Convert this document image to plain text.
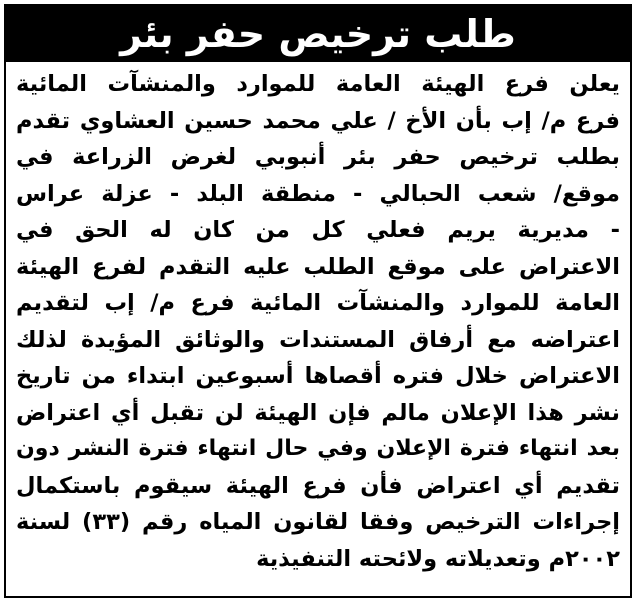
طلب ترخيص حفر بئر
يعلن فرع الهيئة العامة للموارد والمنشآت المائية
فرع م/ إب بأن الأخ / علي محمد حسين العشاوي تقدم
بطلب ترخيص حفر بئر أنبوبي لغرض الزراعة في
موقع/ شعب الحبالي - منطقة البلد - عزلة عراس
- مديرية يريم فعلي كل من كان له الحق في
الاعتراض على موقع الطلب عليه التقدم لفرع الهيئة
العامة للموارد والمنشآت المائية فرع م/ إب لتقديم
اعتراضه مع أرفاق المستندات والوثائق المؤيدة لذلك
الاعتراض خلال فتره أقصاها أسبوعين ابتداء من تاريخ
نشر هذا الإعلان مالم فإن الهيئة لن تقبل أي اعتراض
بعد انتهاء فترة الإعلان وفي حال انتهاء فترة النشر دون
تقديم أي اعتراض فأن فرع الهيئة سيقوم باستكمال
إجراءات الترخيص وفقا لقانون المياه رقم (٣٣) لسنة
٢٠٠٢م وتعديلاته ولائحته التنفيذية
